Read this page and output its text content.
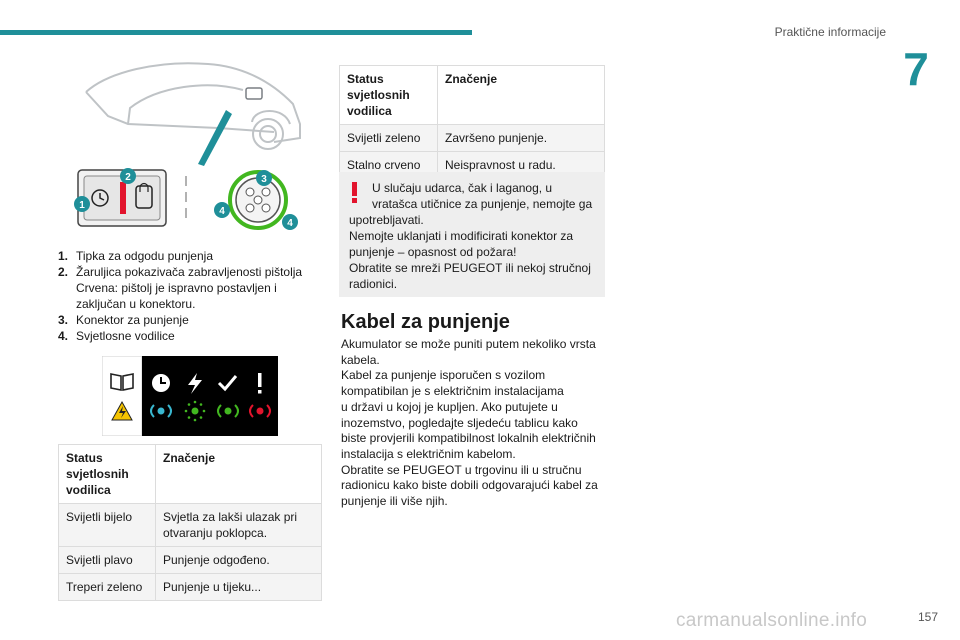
Praktične informacije
7
1
2	3
4
4
1. Tipka za odgodu punjenja
2. Žaruljica pokazivača zabravljenosti pištolja
Crvena: pištolj je ispravno postavljen i
zaključan u konektoru.
3. Konektor za punjenje
4. Svjetlosne vodilice
Status svjetlosnih vodilica	Značenje
Svijetli bijelo	Svjetla za lakši ulazak pri otvaranju poklopca.
Svijetli plavo	Punjenje odgođeno.
Treperi zeleno	Punjenje u tijeku...
Status svjetlosnih vodilica	Značenje
Svijetli zeleno	Završeno punjenje.
Stalno crveno	Neispravnost u radu.
U slučaju udarca, čak i laganog, u
vratašca utičnice za punjenje, nemojte ga
upotrebljavati.
Nemojte uklanjati i modificirati konektor za
punjenje – opasnost od požara!
Obratite se mreži PEUGEOT ili nekoj stručnoj
radionici.
Kabel za punjenje
Akumulator se može puniti putem nekoliko vrsta
kabela.
Kabel za punjenje isporučen s vozilom
kompatibilan je s električnim instalacijama
u državi u kojoj je kupljen. Ako putujete u
inozemstvo, pogledajte sljedeću tablicu kako
biste provjerili kompatibilnost lokalnih električnih
instalacija s električnim kabelom.
Obratite se PEUGEOT u trgovinu ili u stručnu
radionicu kako biste dobili odgovarajući kabel za
punjenje ili više njih.
carmanualsonline.info	157
